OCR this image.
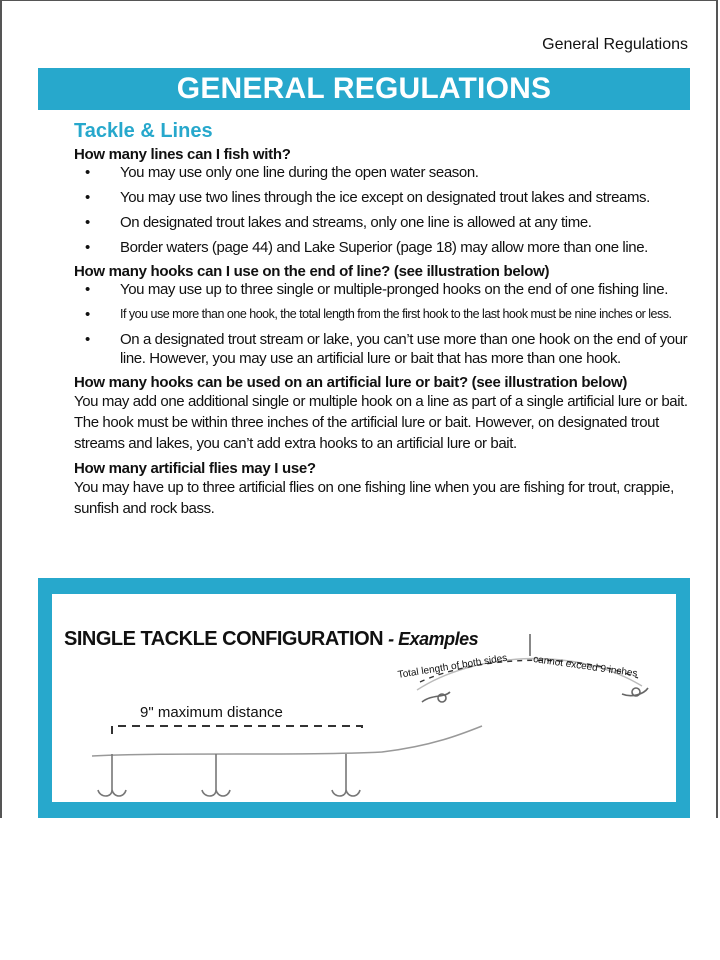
General Regulations
GENERAL REGULATIONS
Tackle & Lines
How many lines can I fish with?
• You may use only one line during the open water season.
• You may use two lines through the ice except on designated trout lakes and streams.
• On designated trout lakes and streams, only one line is allowed at any time.
• Border waters (page 44) and Lake Superior (page 18) may allow more than one line.
How many hooks can I use on the end of line? (see illustration below)
• You may use up to three single or multiple-pronged hooks on the end of one fishing line.
• If you use more than one hook, the total length from the first hook to the last hook must be nine inches or less.
• On a designated trout stream or lake, you can’t use more than one hook on the end of your line. However, you may use an artificial lure or bait that has more than one hook.
How many hooks can be used on an artificial lure or bait? (see illustration below)

You may add one additional single or multiple hook on a line as part of a single artificial lure or bait. The hook must be within three inches of the artificial lure or bait. However, on designated trout streams and lakes, you can’t add extra hooks to an artificial lure or bait.

How many artificial flies may I use?

You may have up to three artificial flies on one fishing line when you are fishing for trout, crappie, sunfish and rock bass.

SINGLE TACKLE CONFIGURATION - Examples
9" maximum distance
Total length of both sides cannot exceed 9 inches
